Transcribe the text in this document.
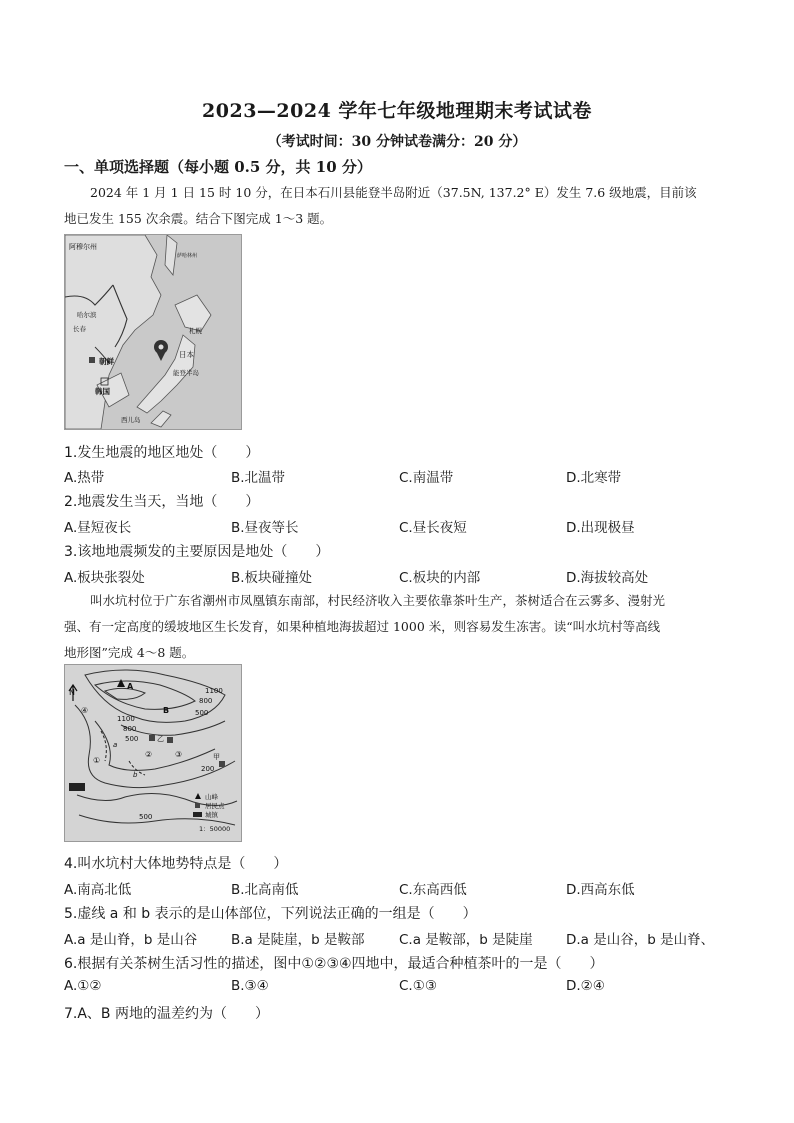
2023—2024 学年七年级地理期末考试试卷
（考试时间：30 分钟试卷满分：20 分）
一、单项选择题（每小题 0.5 分，共 10 分）
2024 年 1 月 1 日 15 时 10 分，在日本石川县能登半岛附近（37.5N, 137.2° E）发生 7.6 级地震，目前该
地已发生 155 次余震。结合下图完成 1～3 题。
阿穆尔州
萨哈林州
哈尔滨
长春	札幌
日本
朝鲜
能登半岛
韩国
西儿岛
1.发生地震的地区地处（　　）
A.热带	B.北温带	C.南温带	D.北寒带
2.地震发生当天，当地（　　）
A.昼短夜长	B.昼夜等长	C.昼长夜短	D.出现极昼
3.该地地震频发的主要原因是地处（　　）
A.板块张裂处	B.板块碰撞处	C.板块的内部	D.海拔较高处
叫水坑村位于广东省潮州市凤凰镇东南部，村民经济收入主要依靠茶叶生产，茶树适合在云雾多、漫射光
强、有一定高度的缓坡地区生长发育，如果种植地海拔超过 1000 米，则容易发生冻害。读“叫水坑村等高线
地形图”完成 4～8 题。
N
A
B
1100
800
500
1100
800
500
200
500
a
b
乙
甲
①
②	③
④
山峰
居民点
城镇
1：50000
4.叫水坑村大体地势特点是（　　）
A.南高北低	B.北高南低	C.东高西低	D.西高东低
5.虚线 a 和 b 表示的是山体部位，下列说法正确的一组是（　　）
A.a 是山脊，b 是山谷	B.a 是陡崖，b 是鞍部	C.a 是鞍部，b 是陡崖 D.a 是山谷，b 是山脊、
6.根据有关茶树生活习性的描述，图中①②③④四地中，最适合种植茶叶的一是（　　）
A.①②	B.③④	C.①③	D.②④
7.A、B 两地的温差约为（　　）
